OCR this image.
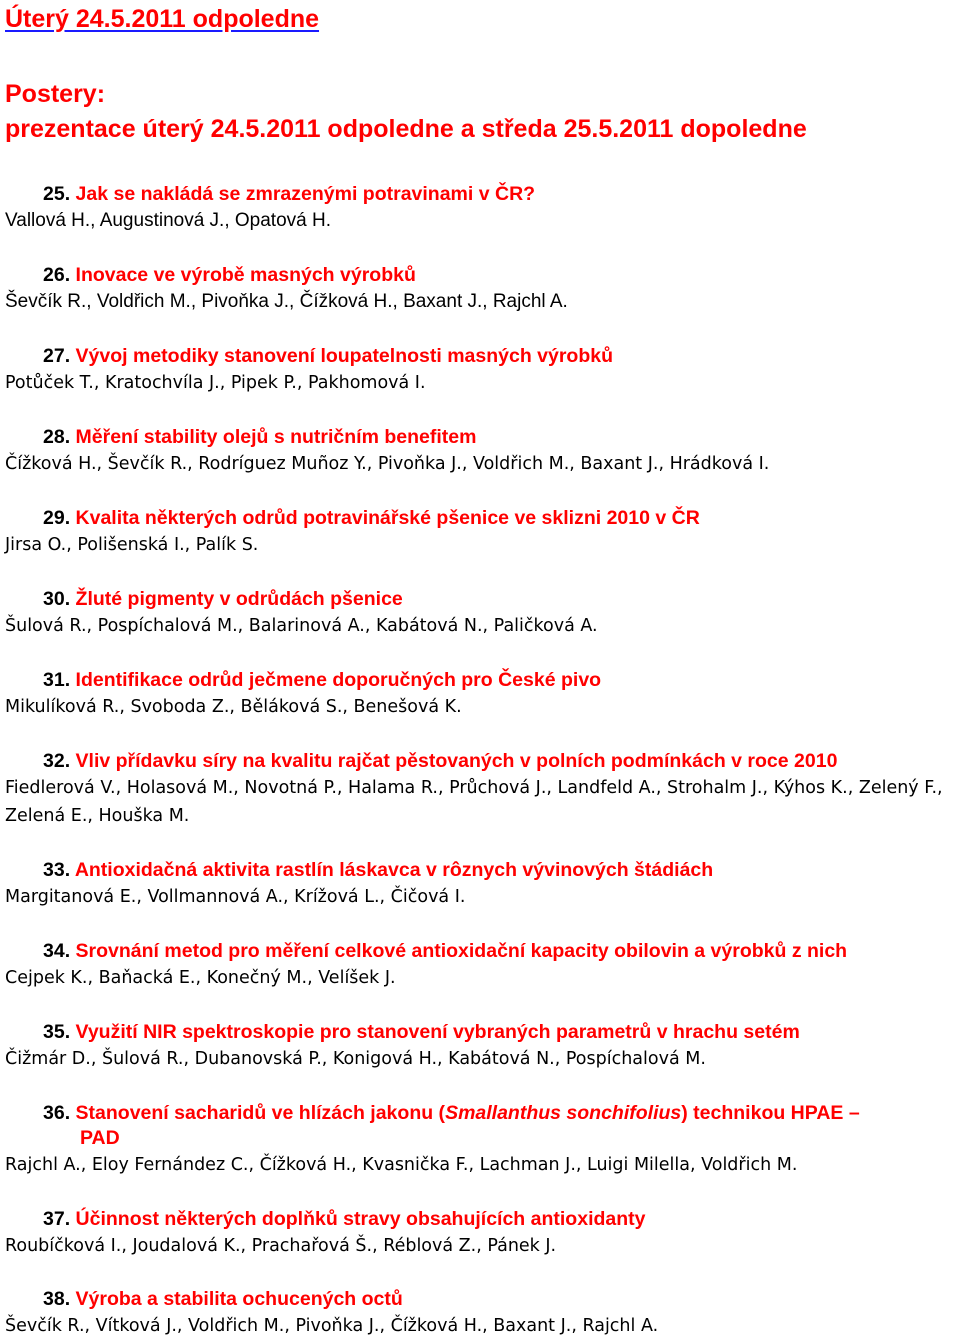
Úterý 24.5.2011 odpoledne
Postery:
prezentace úterý 24.5.2011 odpoledne a středa 25.5.2011 dopoledne
25. Jak se nakládá se zmrazenými potravinami v ČR?
Vallová H., Augustinová J., Opatová H.
26. Inovace ve výrobě masných výrobků
Ševčík R., Voldřich M., Pivoňka J., Čížková H., Baxant J., Rajchl A.
27. Vývoj metodiky stanovení loupatelnosti masných výrobků
Potůček T., Kratochvíla J., Pipek P., Pakhomová I.
28. Měření stability olejů s nutričním benefitem
Čížková H., Ševčík R., Rodríguez Muñoz Y., Pivoňka J., Voldřich M., Baxant J., Hrádková I.
29. Kvalita některých odrůd potravinářské pšenice ve sklizni 2010 v ČR
Jirsa O., Polišenská I., Palík S.
30. Žluté pigmenty v odrůdách pšenice
Šulová R., Pospíchalová M., Balarinová A., Kabátová N., Paličková A.
31. Identifikace odrůd ječmene doporučných pro České pivo
Mikulíková R., Svoboda Z., Běláková S., Benešová K.
32. Vliv přídavku síry na kvalitu rajčat pěstovaných v polních podmínkách v roce 2010
Fiedlerová V., Holasová M., Novotná P., Halama R., Průchová J., Landfeld A., Strohalm J., Kýhos K., Zelený F., Zelená E., Houška M.
33. Antioxidačná aktivita rastlín láskavca v rôznych vývinových štádiách
Margitanová E., Vollmannová A., Krížová L., Čičová I.
34. Srovnání metod pro měření celkové antioxidační kapacity obilovin a výrobků z nich
Cejpek K., Baňacká E., Konečný M., Velíšek J.
35. Využití NIR spektroskopie pro stanovení vybraných parametrů v hrachu setém
Čižmár D., Šulová R., Dubanovská P., Konigová H., Kabátová N., Pospíchalová M.
36. Stanovení sacharidů ve hlízách jakonu (Smallanthus sonchifolius) technikou HPAE –
PAD
Rajchl A., Eloy Fernández C., Čížková H., Kvasnička F., Lachman J., Luigi Milella, Voldřich M.
37. Účinnost některých doplňků stravy obsahujících antioxidanty
Roubíčková I., Joudalová K., Prachařová Š., Réblová Z., Pánek J.
38. Výroba a stabilita ochucených octů
Ševčík R., Vítková J., Voldřich M., Pivoňka J., Čížková H., Baxant J., Rajchl A.
